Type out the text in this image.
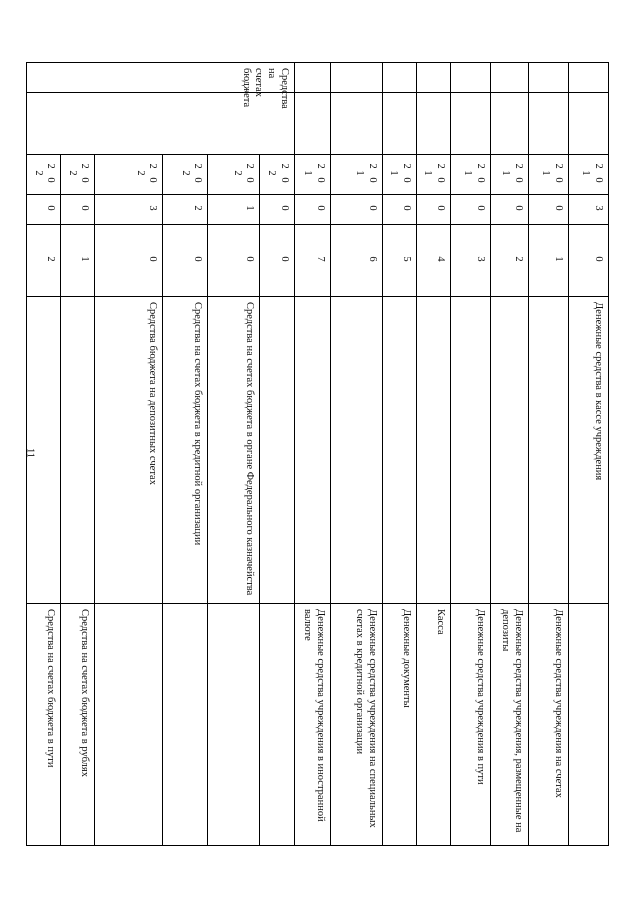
11
		2 0 1	3	0	Денежные средства в кассе учреждения	
		2 0 1	0	1		Денежные средства учреждения на счетах
		2 0 1	0	2		Денежные средства учреждения, размещенные на депозиты
		2 0 1	0	3		Денежные средства учреждения в пути
		2 0 1	0	4		Касса
		2 0 1	0	5		Денежные документы
		2 0 1	0	6		Денежные средства учреждения на специальных счетах в кредитной организации
		2 0 1	0	7		Денежные средства учреждения в иностранной валюте
Средства на счетах бюджета		2 0 2	0	0		
		2 0 2	1	0	Средства на счетах бюджета в органе Федерального казначейства	
		2 0 2	2	0	Средства на счетах бюджета в кредитной организации	
		2 0 2	3	0	Средства бюджета на депозитных счетах	
		2 0 2	0	1		Средства на счетах бюджета в рублях
		2 0 2	0	2		Средства на счетах бюджета в пути
